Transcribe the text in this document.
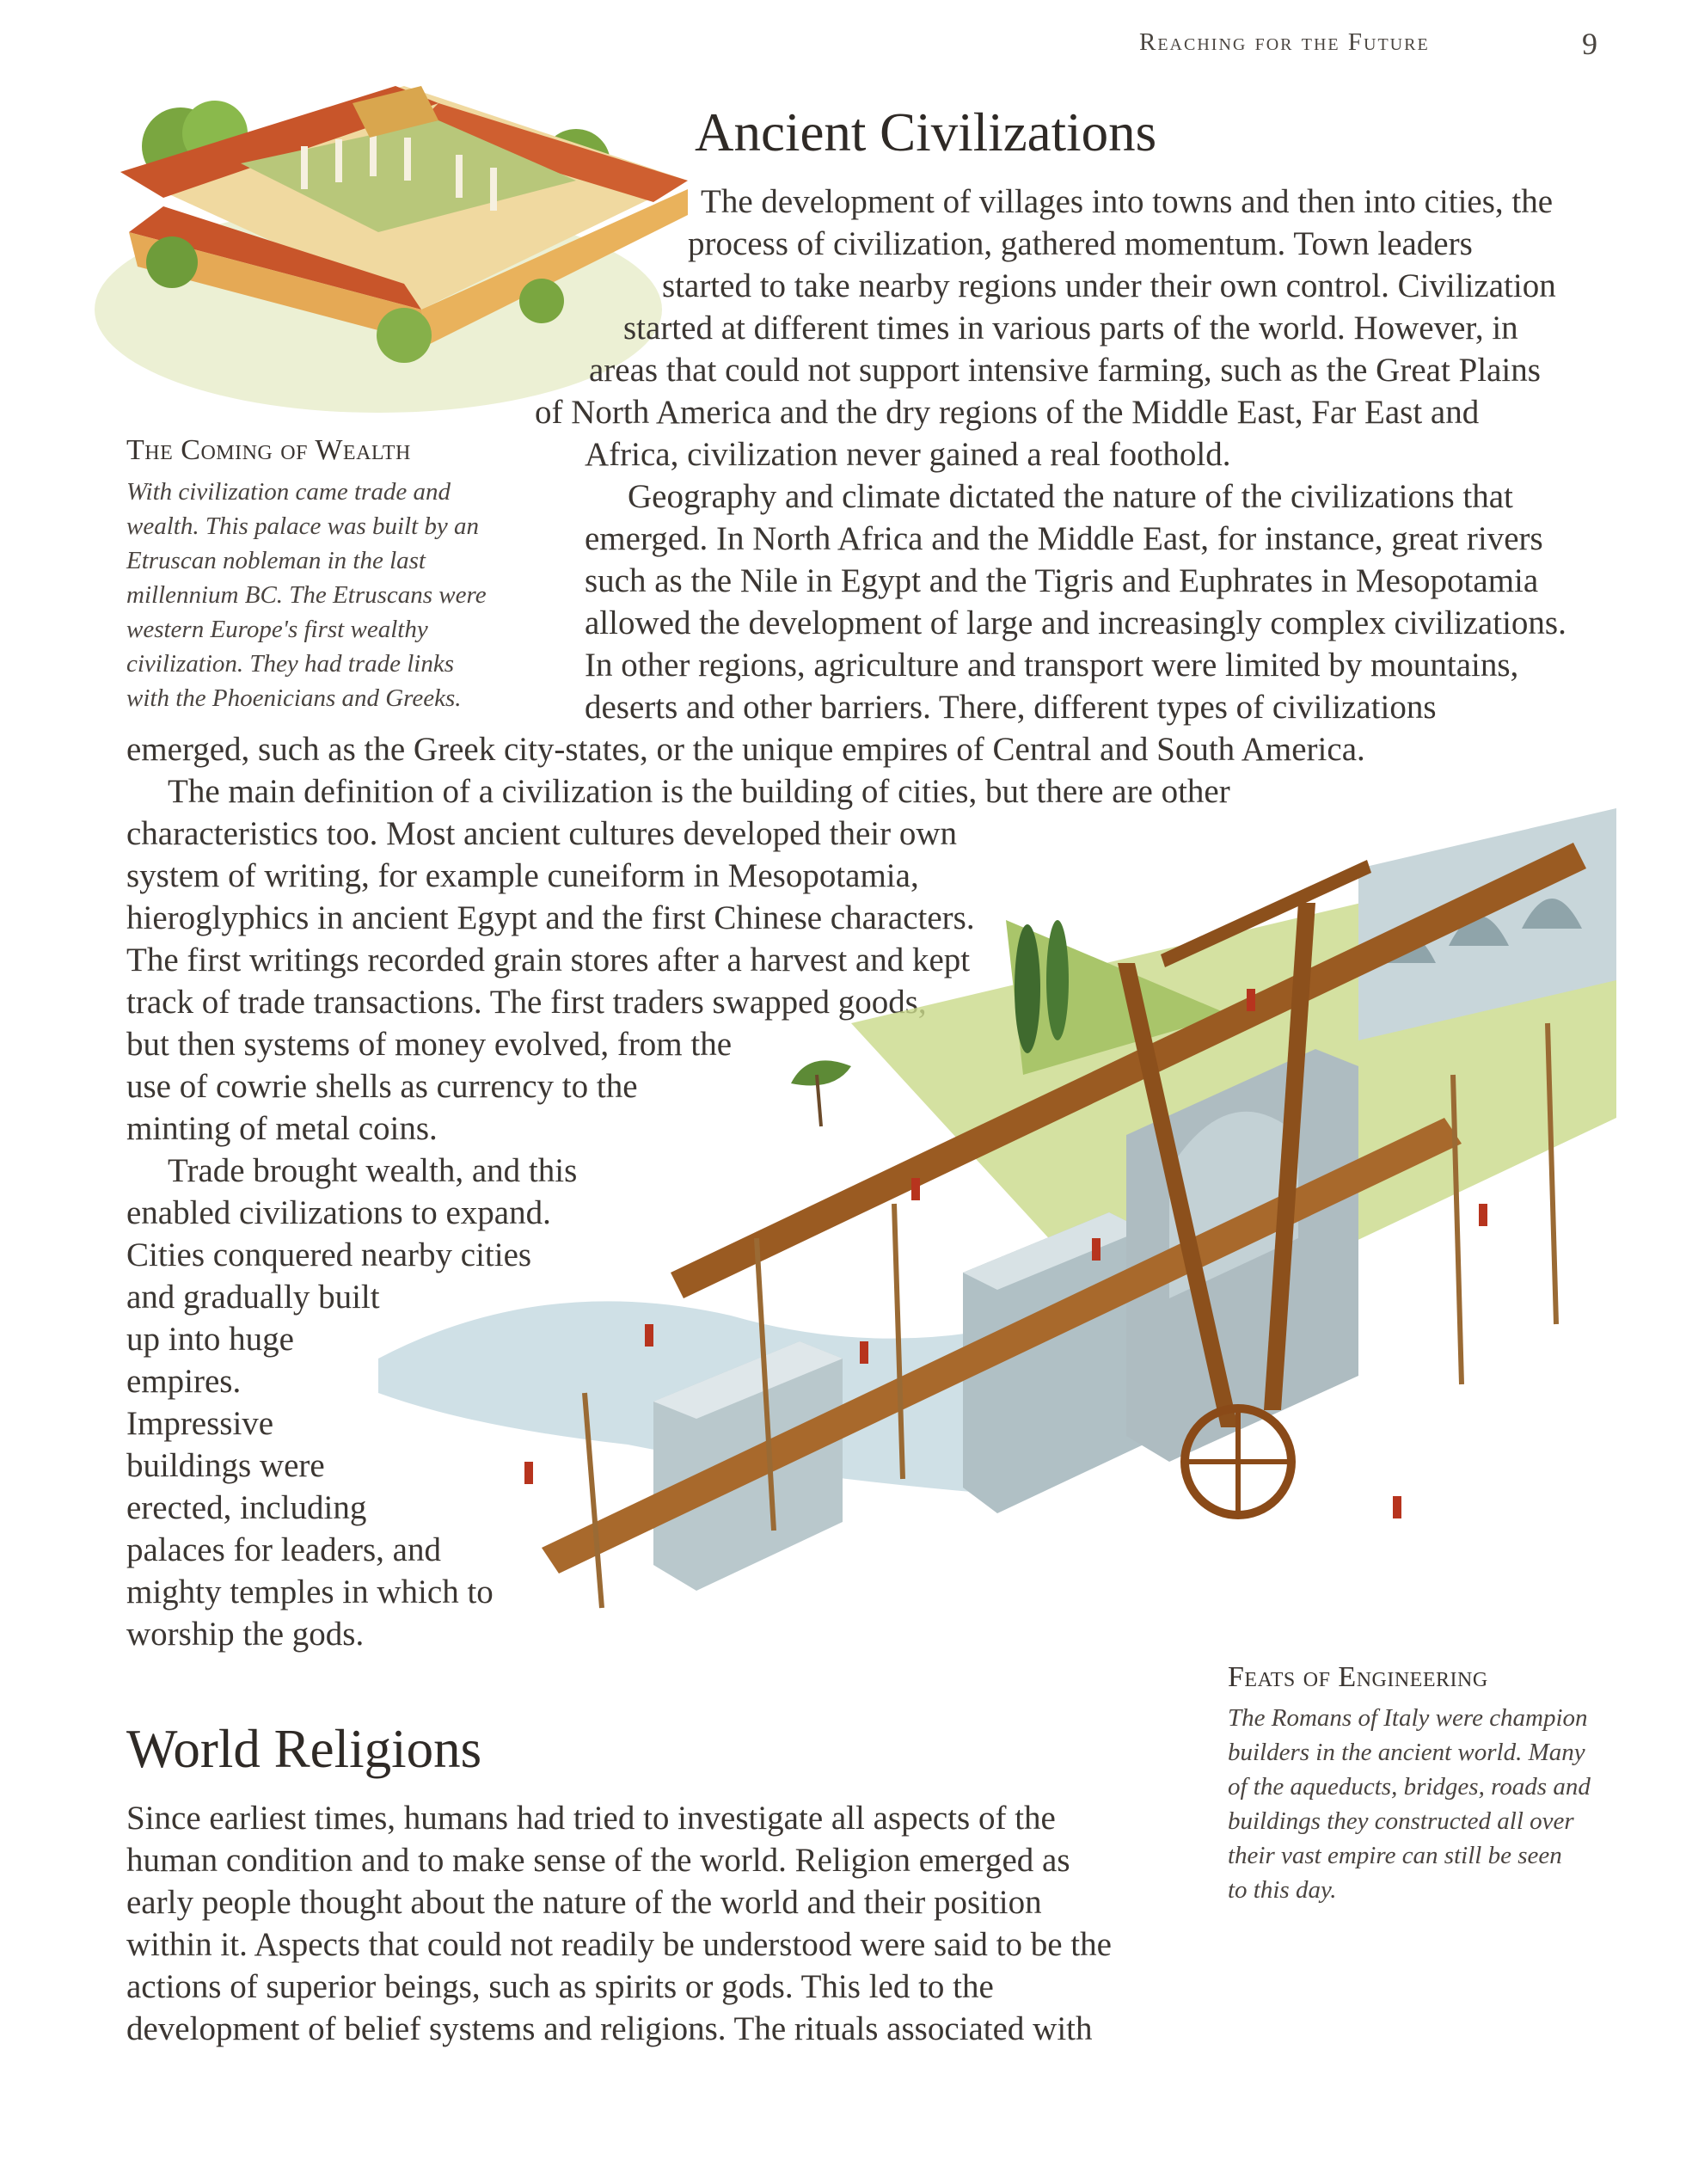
Reaching for the Future	9
Ancient Civilizations
The Coming of Wealth
With civilization came trade and
wealth. This palace was built by an
Etruscan nobleman in the last
millennium BC. The Etruscans were
western Europe's first wealthy
civilization. They had trade links
with the Phoenicians and Greeks.
The development of villages into towns and then into cities, the
process of civilization, gathered momentum. Town leaders
started to take nearby regions under their own control. Civilization
started at different times in various parts of the world. However, in
areas that could not support intensive farming, such as the Great Plains
of North America and the dry regions of the Middle East, Far East and
Africa, civilization never gained a real foothold.
Geography and climate dictated the nature of the civilizations that
emerged. In North Africa and the Middle East, for instance, great rivers
such as the Nile in Egypt and the Tigris and Euphrates in Mesopotamia
allowed the development of large and increasingly complex civilizations.
In other regions, agriculture and transport were limited by mountains,
deserts and other barriers. There, different types of civilizations
emerged, such as the Greek city-states, or the unique empires of Central and South America.
The main definition of a civilization is the building of cities, but there are other
characteristics too. Most ancient cultures developed their own
system of writing, for example cuneiform in Mesopotamia,
hieroglyphics in ancient Egypt and the first Chinese characters.
The first writings recorded grain stores after a harvest and kept
track of trade transactions. The first traders swapped goods,
but then systems of money evolved, from the
use of cowrie shells as currency to the
minting of metal coins.
Trade brought wealth, and this
enabled civilizations to expand.
Cities conquered nearby cities
and gradually built
up into huge
empires.
Impressive
buildings were
erected, including
palaces for leaders, and
mighty temples in which to
worship the gods.
Feats of Engineering
The Romans of Italy were champion
builders in the ancient world. Many
of the aqueducts, bridges, roads and
buildings they constructed all over
their vast empire can still be seen
to this day.
World Religions
Since earliest times, humans had tried to investigate all aspects of the
human condition and to make sense of the world. Religion emerged as
early people thought about the nature of the world and their position
within it. Aspects that could not readily be understood were said to be the
actions of superior beings, such as spirits or gods. This led to the
development of belief systems and religions. The rituals associated with
